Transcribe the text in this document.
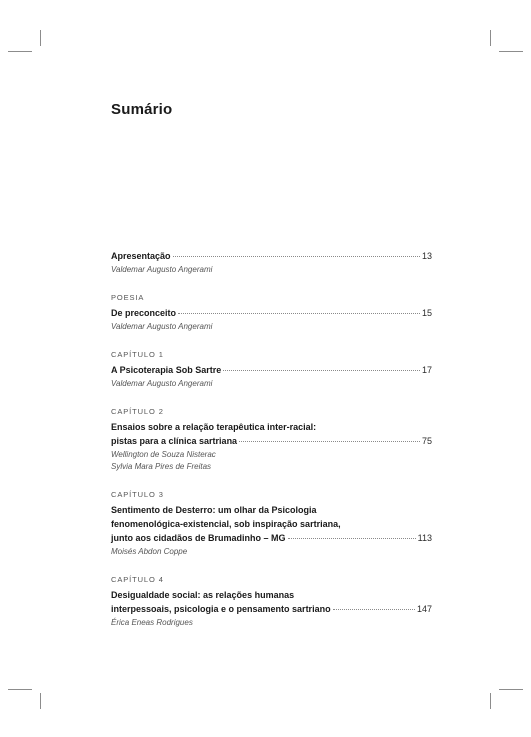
Sumário
Apresentação	13
Valdemar Augusto Angerami
POESIA
De preconceito	15
Valdemar Augusto Angerami
CAPÍTULO 1
A Psicoterapia Sob Sartre	17
Valdemar Augusto Angerami
CAPÍTULO 2
Ensaios sobre a relação terapêutica inter-racial:
pistas para a clínica sartriana	75
Wellington de Souza Nisterac
Sylvia Mara Pires de Freitas
CAPÍTULO 3
Sentimento de Desterro: um olhar da Psicologia
fenomenológica-existencial, sob inspiração sartriana,
junto aos cidadãos de Brumadinho – MG	113
Moisés Abdon Coppe
CAPÍTULO 4
Desigualdade social: as relações humanas
interpessoais, psicologia e o pensamento sartriano	147
Érica Eneas Rodrigues
